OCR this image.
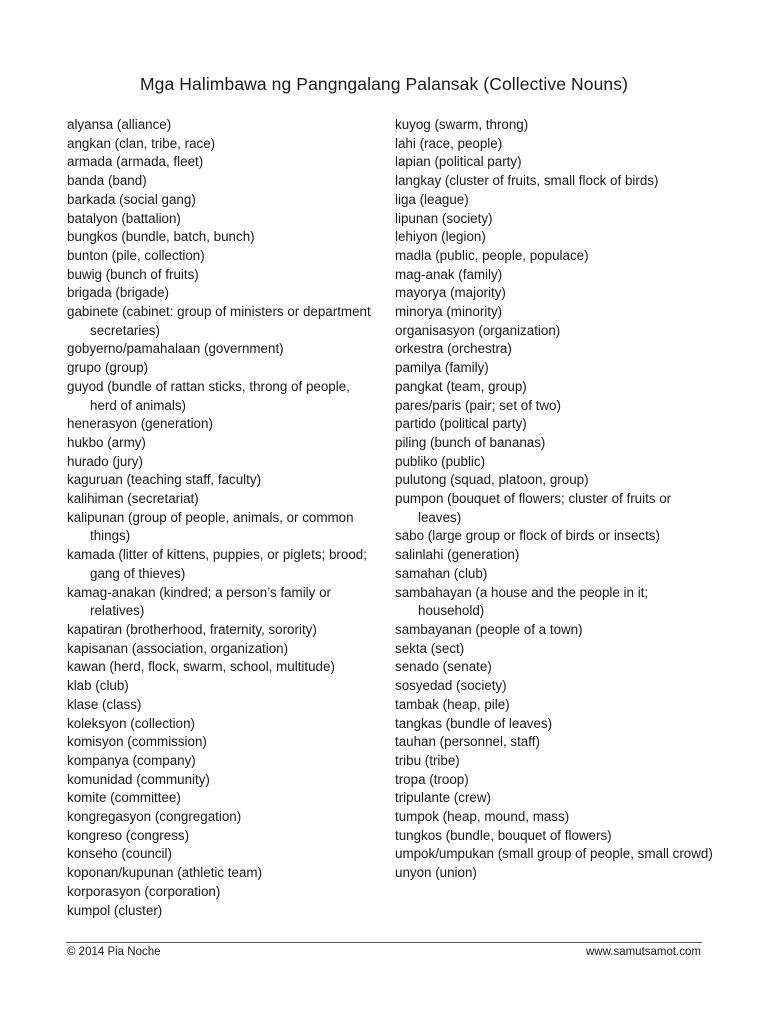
Mga Halimbawa ng Pangngalang Palansak (Collective Nouns)
alyansa (alliance)
angkan (clan, tribe, race)
armada (armada, fleet)
banda (band)
barkada (social gang)
batalyon (battalion)
bungkos (bundle, batch, bunch)
bunton (pile, collection)
buwig (bunch of fruits)
brigada (brigade)
gabinete (cabinet: group of ministers or department secretaries)
gobyerno/pamahalaan (government)
grupo (group)
guyod (bundle of rattan sticks, throng of people, herd of animals)
henerasyon (generation)
hukbo (army)
hurado (jury)
kaguruan (teaching staff, faculty)
kalihiman (secretariat)
kalipunan (group of people, animals, or common things)
kamada (litter of kittens, puppies, or piglets; brood; gang of thieves)
kamag-anakan (kindred; a person’s family or relatives)
kapatiran (brotherhood, fraternity, sorority)
kapisanan (association, organization)
kawan (herd, flock, swarm, school, multitude)
klab (club)
klase (class)
koleksyon (collection)
komisyon (commission)
kompanya (company)
komunidad (community)
komite (committee)
kongregasyon (congregation)
kongreso (congress)
konseho (council)
koponan/kupunan (athletic team)
korporasyon (corporation)
kumpol (cluster)
kuyog (swarm, throng)
lahi (race, people)
lapian (political party)
langkay (cluster of fruits, small flock of birds)
liga (league)
lipunan (society)
lehiyon (legion)
madla (public, people, populace)
mag-anak (family)
mayorya (majority)
minorya (minority)
organisasyon (organization)
orkestra (orchestra)
pamilya (family)
pangkat (team, group)
pares/paris (pair; set of two)
partido (political party)
piling (bunch of bananas)
publiko (public)
pulutong (squad, platoon, group)
pumpon (bouquet of flowers; cluster of fruits or leaves)
sabo (large group or flock of birds or insects)
salinlahi (generation)
samahan (club)
sambahayan (a house and the people in it; household)
sambayanan (people of a town)
sekta (sect)
senado (senate)
sosyedad (society)
tambak (heap, pile)
tangkas (bundle of leaves)
tauhan (personnel, staff)
tribu (tribe)
tropa (troop)
tripulante (crew)
tumpok (heap, mound, mass)
tungkos (bundle, bouquet of flowers)
umpok/umpukan (small group of people, small crowd)
unyon (union)
© 2014 Pia Noche	www.samutsamot.com
